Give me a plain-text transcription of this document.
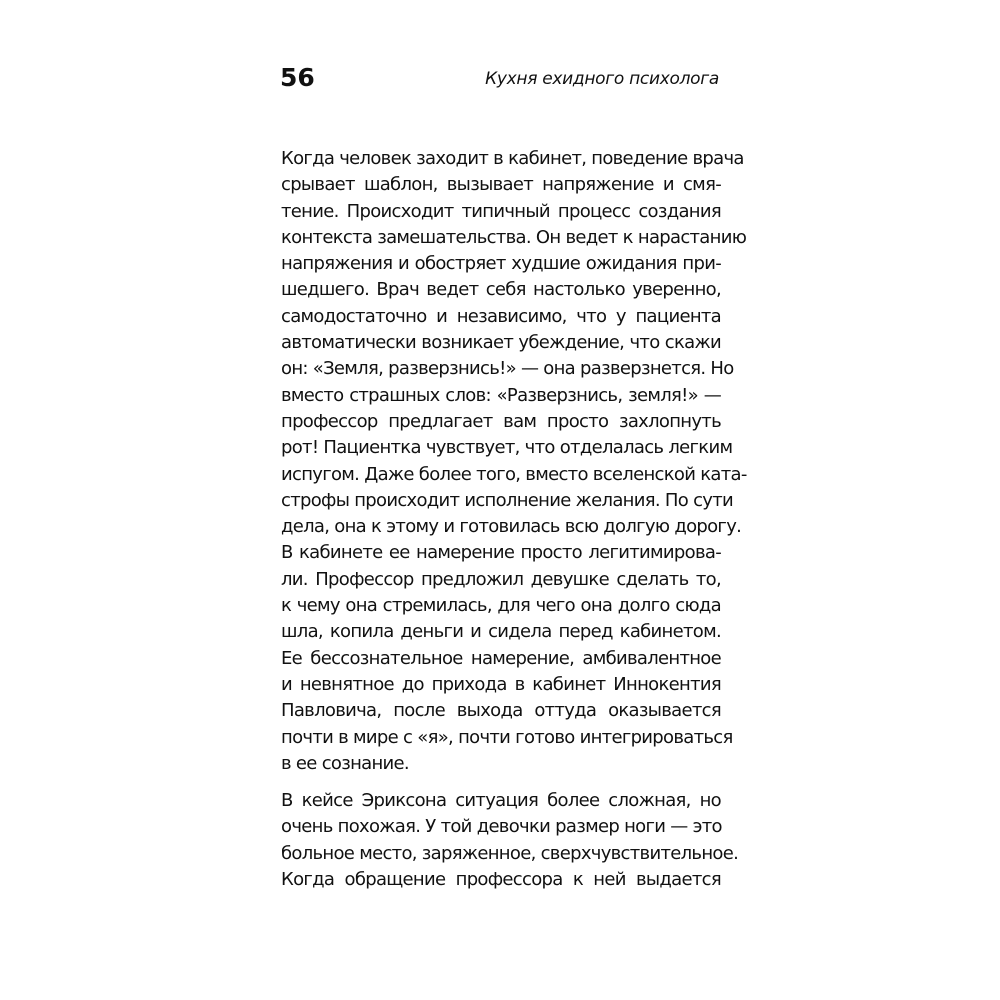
56	Кухня ехидного психолога
Когда человек заходит в кабинет, поведение врача
срывает шаблон, вызывает напряжение и смя-
тение. Происходит типичный процесс создания
контекста замешательства. Он ведет к нарастанию
напряжения и обостряет худшие ожидания при-
шедшего. Врач ведет себя настолько уверенно,
самодостаточно и независимо, что у пациента
автоматически возникает убеждение, что скажи
он: «Земля, разверзнись!» — она разверзнется. Но
вместо страшных слов: «Разверзнись, земля!» —
профессор предлагает вам просто захлопнуть
рот! Пациентка чувствует, что отделалась легким
испугом. Даже более того, вместо вселенской ката-
строфы происходит исполнение желания. По сути
дела, она к этому и готовилась всю долгую дорогу.
В кабинете ее намерение просто легитимирова-
ли. Профессор предложил девушке сделать то,
к чему она стремилась, для чего она долго сюда
шла, копила деньги и сидела перед кабинетом.
Ее бессознательное намерение, амбивалентное
и невнятное до прихода в кабинет Иннокентия
Павловича, после выхода оттуда оказывается
почти в мире с «я», почти готово интегрироваться
в ее сознание.
В кейсе Эриксона ситуация более сложная, но
очень похожая. У той девочки размер ноги — это
больное место, заряженное, сверхчувствительное.
Когда обращение профессора к ней выдается
